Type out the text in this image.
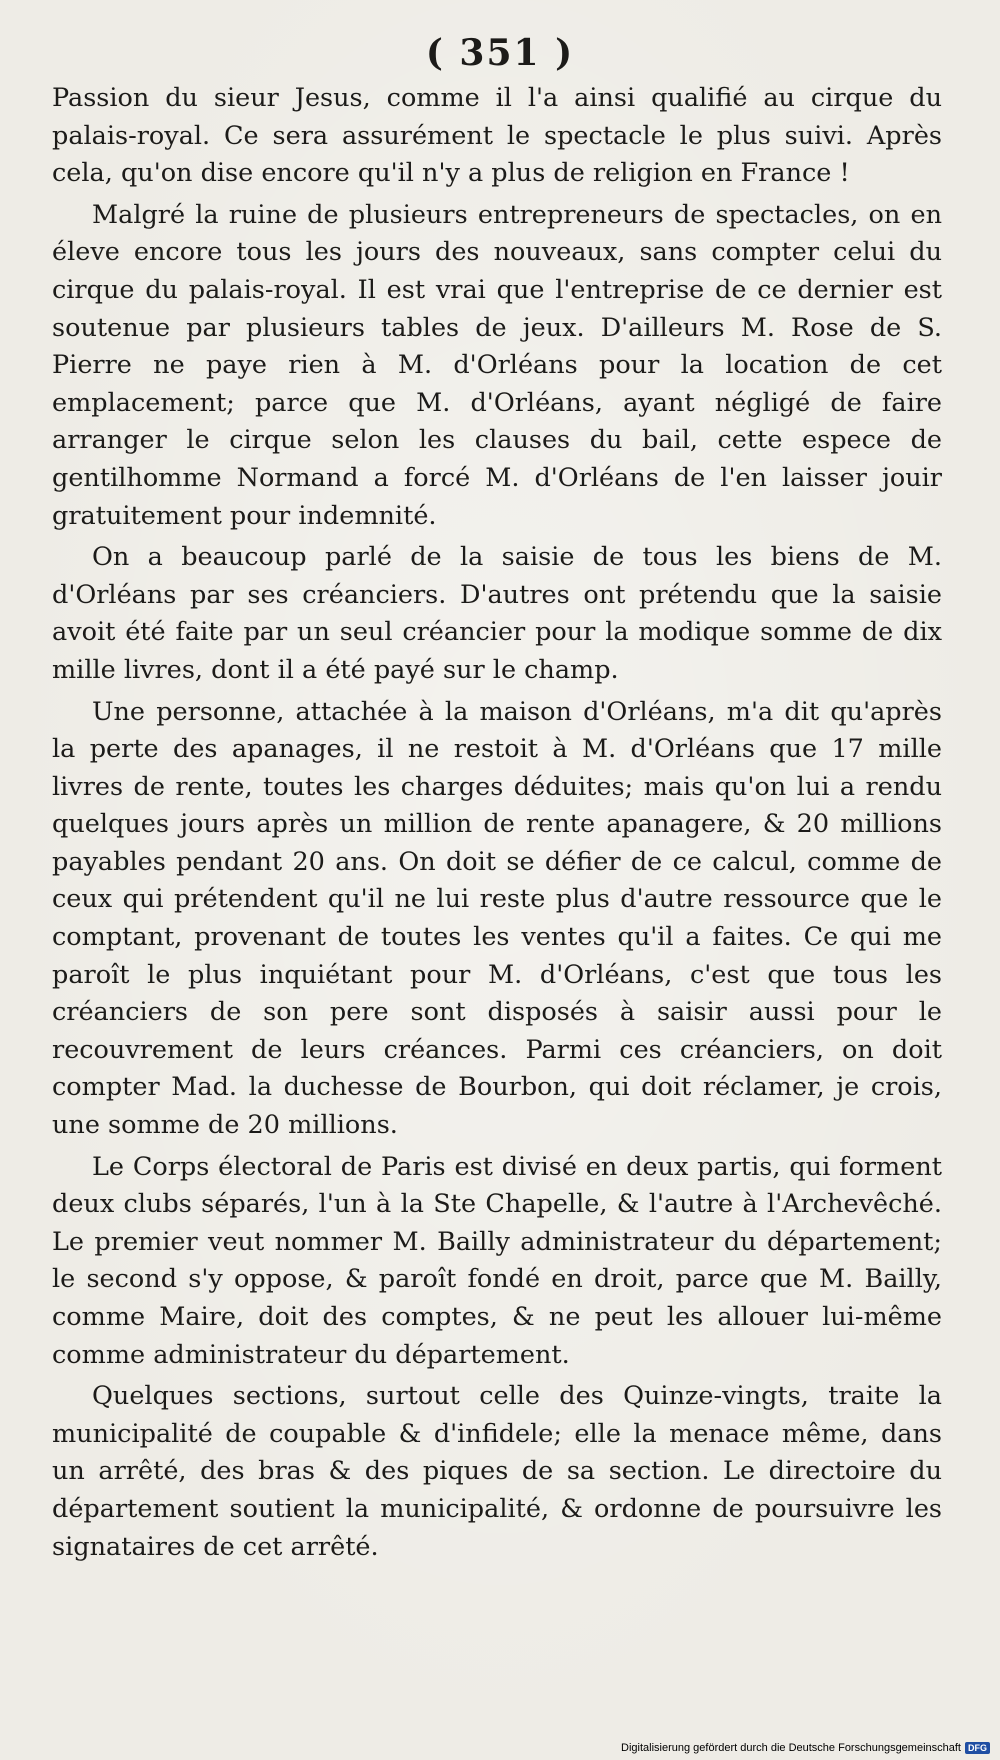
( 351 )

Passion du sieur Jesus, comme il l'a ainsi qualifié au cirque du palais-royal. Ce sera assurément le spectacle le plus suivi. Après cela, qu'on dise encore qu'il n'y a plus de religion en France !

Malgré la ruine de plusieurs entrepreneurs de spectacles, on en éleve encore tous les jours des nouveaux, sans compter celui du cirque du palais-royal. Il est vrai que l'entreprise de ce dernier est soutenue par plusieurs tables de jeux. D'ailleurs M. Rose de S. Pierre ne paye rien à M. d'Orléans pour la location de cet emplacement; parce que M. d'Orléans, ayant négligé de faire arranger le cirque selon les clauses du bail, cette espece de gentilhomme Normand a forcé M. d'Orléans de l'en laisser jouir gratuitement pour indemnité.

On a beaucoup parlé de la saisie de tous les biens de M. d'Orléans par ses créanciers. D'autres ont prétendu que la saisie avoit été faite par un seul créancier pour la modique somme de dix mille livres, dont il a été payé sur le champ.

Une personne, attachée à la maison d'Orléans, m'a dit qu'après la perte des apanages, il ne restoit à M. d'Orléans que 17 mille livres de rente, toutes les charges déduites; mais qu'on lui a rendu quelques jours après un million de rente apanagere, & 20 millions payables pendant 20 ans. On doit se défier de ce calcul, comme de ceux qui prétendent qu'il ne lui reste plus d'autre ressource que le comptant, provenant de toutes les ventes qu'il a faites. Ce qui me paroît le plus inquiétant pour M. d'Orléans, c'est que tous les créanciers de son pere sont disposés à saisir aussi pour le recouvrement de leurs créances. Parmi ces créanciers, on doit compter Mad. la duchesse de Bourbon, qui doit réclamer, je crois, une somme de 20 millions.

Le Corps électoral de Paris est divisé en deux partis, qui forment deux clubs séparés, l'un à la Ste Chapelle, & l'autre à l'Archevêché. Le premier veut nommer M. Bailly administrateur du département; le second s'y oppose, & paroît fondé en droit, parce que M. Bailly, comme Maire, doit des comptes, & ne peut les allouer lui-même comme administrateur du département.

Quelques sections, surtout celle des Quinze-vingts, traite la municipalité de coupable & d'infidele; elle la menace même, dans un arrêté, des bras & des piques de sa section. Le directoire du département soutient la municipalité, & ordonne de poursuivre les signataires de cet arrêté.

Digitalisierung gefördert durch die Deutsche Forschungsgemeinschaft DFG
